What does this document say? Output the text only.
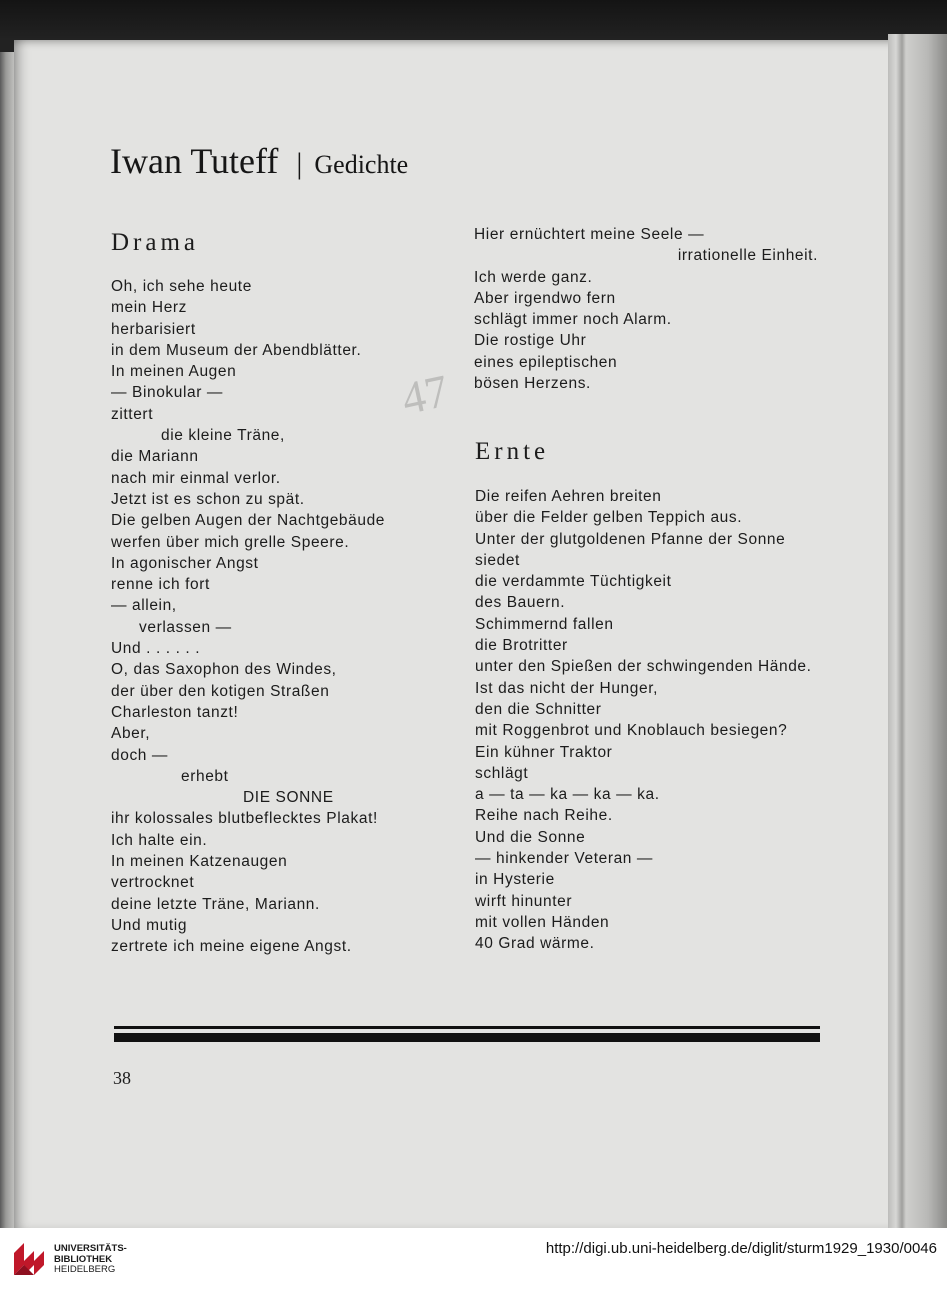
47
Iwan Tuteff | Gedichte
Drama
Oh, ich sehe heute
mein Herz
herbarisiert
in dem Museum der Abendblätter.
In meinen Augen
— Binokular —
zittert
die kleine Träne,
die Mariann
nach mir einmal verlor.
Jetzt ist es schon zu spät.
Die gelben Augen der Nachtgebäude
werfen über mich grelle Speere.
In agonischer Angst
renne ich fort
— allein,
verlassen —
Und . . . . . .
O, das Saxophon des Windes,
der über den kotigen Straßen
Charleston tanzt!
Aber,
doch —
erhebt
DIE SONNE
ihr kolossales blutbeflecktes Plakat!
Ich halte ein.
In meinen Katzenaugen
vertrocknet
deine letzte Träne, Mariann.
Und mutig
zertrete ich meine eigene Angst.
Hier ernüchtert meine Seele —
irrationelle Einheit.
Ich werde ganz.
Aber irgendwo fern
schlägt immer noch Alarm.
Die rostige Uhr
eines epileptischen
bösen Herzens.
Ernte
Die reifen Aehren breiten
über die Felder gelben Teppich aus.
Unter der glutgoldenen Pfanne der Sonne
siedet
die verdammte Tüchtigkeit
des Bauern.
Schimmernd fallen
die Brotritter
unter den Spießen der schwingenden Hände.
Ist das nicht der Hunger,
den die Schnitter
mit Roggenbrot und Knoblauch besiegen?
Ein kühner Traktor
schlägt
a — ta — ka — ka — ka.
Reihe nach Reihe.
Und die Sonne
— hinkender Veteran —
in Hysterie
wirft hinunter
mit vollen Händen
40 Grad wärme.
38
UNIVERSITÄTS-
BIBLIOTHEK
HEIDELBERG
http://digi.ub.uni-heidelberg.de/diglit/sturm1929_1930/0046
